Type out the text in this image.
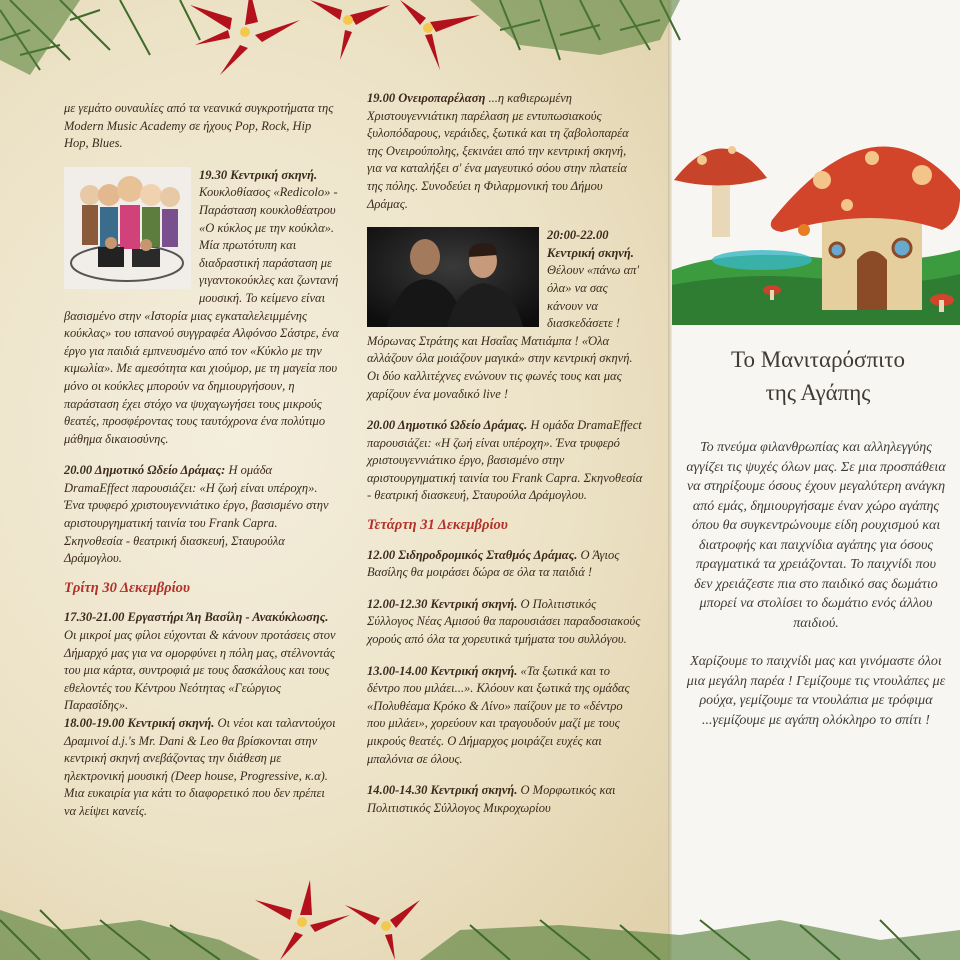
με γεμάτο ουναυλίες από τα νεανικά συγκροτήματα της Modern Music Academy σε ήχους Pop, Rock, Hip Hop, Blues.

19.30 Κεντρική σκηνή. Κουκλοθίασος «Redicolo» - Παράσταση κουκλοθέατρου «Ο κύκλος με την κούκλα». Μία πρωτότυπη και διαδραστική παράσταση με γιγαντοκούκλες και ζωντανή μουσική. Το κείμενο είναι βασισμένο στην «Ιστορία μιας εγκαταλελειμμένης κούκλας» του ισπανού συγγραφέα Αλφόνσο Σάστρε, ένα έργο για παιδιά εμπνευσμένο από τον «Κύκλο με την κιμωλία». Με αμεσότητα και χιούμορ, με τη μαγεία που μόνο οι κούκλες μπορούν να δημιουργήσουν, η παράσταση έχει στόχο να ψυχαγωγήσει τους μικρούς θεατές, προσφέροντας τους ταυτόχρονα ένα πολύτιμο μάθημα δικαιοσύνης.

20.00 Δημοτικό Ωδείο Δράμας: Η ομάδα DramaEffect παρουσιάζει: «Η ζωή είναι υπέροχη». Ένα τρυφερό χριστουγεννιάτικο έργο, βασισμένο στην αριστουργηματική ταινία του Frank Capra. Σκηνοθεσία - θεατρική διασκευή, Σταυρούλα Δράμογλου.

Τρίτη 30 Δεκεμβρίου

17.30-21.00 Εργαστήρι Άη Βασίλη - Ανακύκλωσης. Οι μικροί μας φίλοι εύχονται & κάνουν προτάσεις στον Δήμαρχό μας για να ομορφύνει η πόλη μας, στέλνοντάς του μια κάρτα, συντροφιά με τους δασκάλους και τους εθελοντές του Κέντρου Νεότητας «Γεώργιος Παρασίδης».

18.00-19.00 Κεντρική σκηνή. Οι νέοι και ταλαντούχοι Δραμινοί d.j.'s Mr. Dani & Leo θα βρίσκονται στην κεντρική σκηνή ανεβάζοντας την διάθεση με ηλεκτρονική μουσική (Deep house, Progressive, κ.α). Μια ευκαιρία για κάτι το διαφορετικό που δεν πρέπει να λείψει κανείς.

19.00 Ονειροπαρέλαση ...η καθιερωμένη Χριστουγεννιάτικη παρέλαση με εντυπωσιακούς ξυλοπόδαρους, νεράιδες, ξωτικά και τη ζαβολοπαρέα της Ονειρούπολης, ξεκινάει από την κεντρική σκηνή, για να καταλήξει σ' ένα μαγευτικό σόου στην πλατεία της πόλης. Συνοδεύει η Φιλαρμονική του Δήμου Δράμας.

20:00-22.00 Κεντρική σκηνή. Θέλουν «πάνω απ' όλα» να σας κάνουν να διασκεδάσετε ! Μόρωνας Στράτης και Ησαΐας Ματιάμπα ! «Όλα αλλάζουν όλα μοιάζουν μαγικά» στην κεντρική σκηνή. Οι δύο καλλιτέχνες ενώνουν τις φωνές τους και μας χαρίζουν ένα μοναδικό live !

20.00 Δημοτικό Ωδείο Δράμας. Η ομάδα DramaEffect παρουσιάζει: «Η ζωή είναι υπέροχη». Ένα τρυφερό χριστουγεννιάτικο έργο, βασισμένο στην αριστουργηματική ταινία του Frank Capra. Σκηνοθεσία - θεατρική διασκευή, Σταυρούλα Δράμογλου.

Τετάρτη 31 Δεκεμβρίου

12.00 Σιδηροδρομικός Σταθμός Δράμας. Ο Άγιος Βασίλης θα μοιράσει δώρα σε όλα τα παιδιά !

12.00-12.30 Κεντρική σκηνή. Ο Πολιτιστικός Σύλλογος Νέας Αμισού θα παρουσιάσει παραδοσιακούς χορούς από όλα τα χορευτικά τμήματα του συλλόγου.

13.00-14.00 Κεντρική σκηνή. «Τα ξωτικά και το δέντρο που μιλάει...». Κλόουν και ξωτικά της ομάδας «Πολυθέαμα Κρόκο & Λίνο» παίζουν με το «δέντρο που μιλάει», χορεύουν και τραγουδούν μαζί με τους μικρούς θεατές. Ο Δήμαρχος μοιράζει ευχές και μπαλόνια σε όλους.

14.00-14.30 Κεντρική σκηνή. Ο Μορφωτικός και Πολιτιστικός Σύλλογος Μικροχωρίου

Το Μανιταρόσπιτο
της Αγάπης

Το πνεύμα φιλανθρωπίας και αλληλεγγύης αγγίζει τις ψυχές όλων μας. Σε μια προσπάθεια να στηρίξουμε όσους έχουν μεγαλύτερη ανάγκη από εμάς, δημιουργήσαμε έναν χώρο αγάπης όπου θα συγκεντρώνουμε είδη ρουχισμού και διατροφής και παιχνίδια αγάπης για όσους πραγματικά τα χρειάζονται. Το παιχνίδι που δεν χρειάζεστε πια στο παιδικό σας δωμάτιο μπορεί να στολίσει το δωμάτιο ενός άλλου παιδιού.

Χαρίζουμε το παιχνίδι μας και γινόμαστε όλοι μια μεγάλη παρέα ! Γεμίζουμε τις ντουλάπες με ρούχα, γεμίζουμε τα ντουλάπια με τρόφιμα ...γεμίζουμε με αγάπη ολόκληρο το σπίτι !
